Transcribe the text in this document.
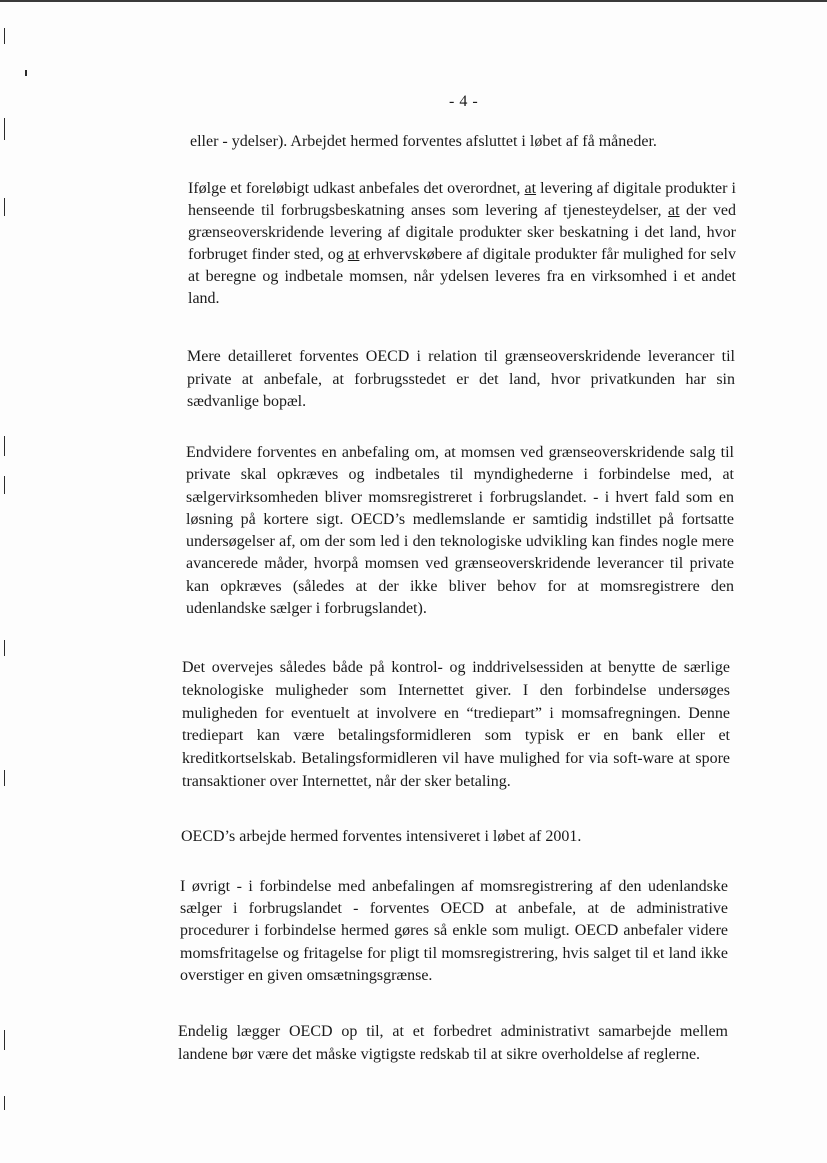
- 4 -

eller - ydelser). Arbejdet hermed forventes afsluttet i løbet af få måneder.

Ifølge et foreløbigt udkast anbefales det overordnet, at levering af digitale produkter i henseende til forbrugsbeskatning anses som levering af tjenesteydelser, at der ved grænseoverskridende levering af digitale produkter sker beskatning i det land, hvor forbruget finder sted, og at erhvervskøbere af digitale produkter får mulighed for selv at beregne og indbetale momsen, når ydelsen leveres fra en virksomhed i et andet land.

Mere detailleret forventes OECD i relation til grænseoverskridende leverancer til private at anbefale, at forbrugsstedet er det land, hvor privatkunden har sin sædvanlige bopæl.

Endvidere forventes en anbefaling om, at momsen ved grænseoverskridende salg til private skal opkræves og indbetales til myndighederne i forbindelse med, at sælgervirksomheden bliver momsregistreret i forbrugslandet. - i hvert fald som en løsning på kortere sigt. OECD’s medlemslande er samtidig indstillet på fortsatte undersøgelser af, om der som led i den teknologiske udvikling kan findes nogle mere avancerede måder, hvorpå momsen ved grænseoverskridende leverancer til private kan opkræves (således at der ikke bliver behov for at momsregistrere den udenlandske sælger i forbrugslandet).

Det overvejes således både på kontrol- og inddrivelsessiden at benytte de særlige teknologiske muligheder som Internettet giver. I den forbindelse undersøges muligheden for eventuelt at involvere en “trediepart” i momsafregningen. Denne trediepart kan være betalingsformidleren som typisk er en bank eller et kreditkortselskab. Betalingsformidleren vil have mulighed for via soft-ware at spore transaktioner over Internettet, når der sker betaling.

OECD’s arbejde hermed forventes intensiveret i løbet af 2001.

I øvrigt - i forbindelse med anbefalingen af momsregistrering af den udenlandske sælger i forbrugslandet - forventes OECD at anbefale, at de administrative procedurer i forbindelse hermed gøres så enkle som muligt. OECD anbefaler videre momsfritagelse og fritagelse for pligt til momsregistrering, hvis salget til et land ikke overstiger en given omsætningsgrænse.

Endelig lægger OECD op til, at et forbedret administrativt samarbejde mellem landene bør være det måske vigtigste redskab til at sikre overholdelse af reglerne.
